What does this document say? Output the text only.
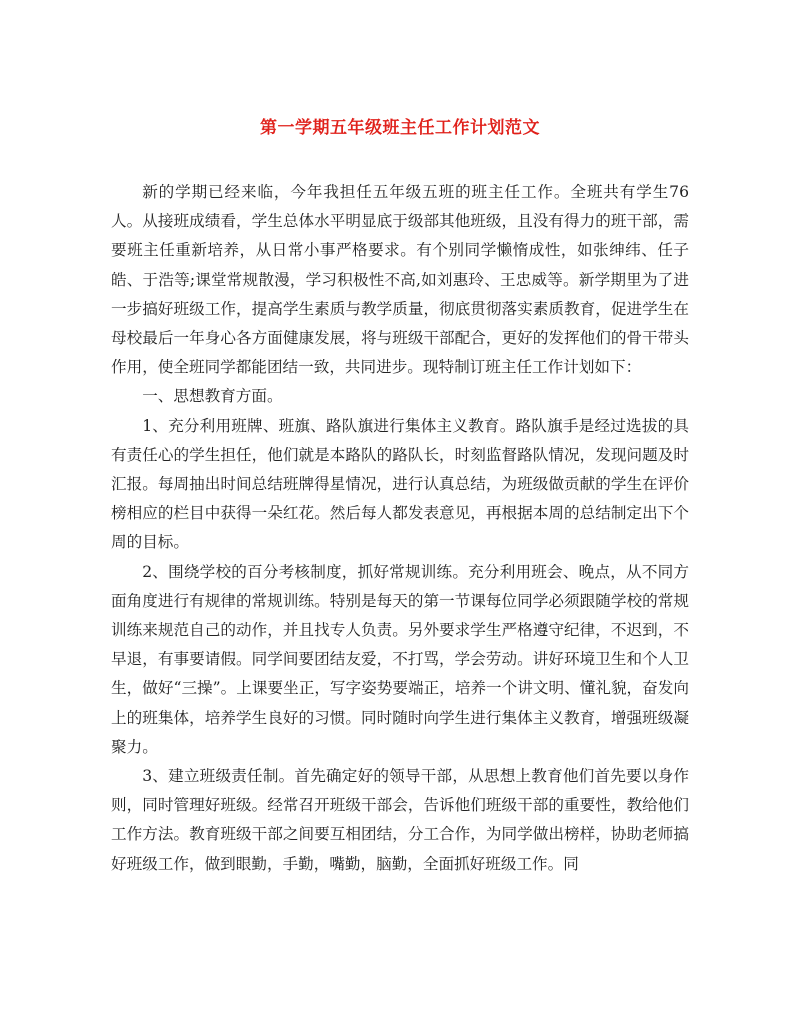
第一学期五年级班主任工作计划范文

新的学期已经来临，今年我担任五年级五班的班主任工作。全班共有学生76人。从接班成绩看，学生总体水平明显底于级部其他班级，且没有得力的班干部，需要班主任重新培养，从日常小事严格要求。有个别同学懒惰成性，如张绅纬、任子皓、于浩等;课堂常规散漫，学习积极性不高,如刘惠玲、王忠威等。新学期里为了进一步搞好班级工作，提高学生素质与教学质量，彻底贯彻落实素质教育，促进学生在母校最后一年身心各方面健康发展，将与班级干部配合，更好的发挥他们的骨干带头作用，使全班同学都能团结一致，共同进步。现特制订班主任工作计划如下：

一、思想教育方面。

1、充分利用班牌、班旗、路队旗进行集体主义教育。路队旗手是经过选拔的具有责任心的学生担任，他们就是本路队的路队长，时刻监督路队情况，发现问题及时汇报。每周抽出时间总结班牌得星情况，进行认真总结，为班级做贡献的学生在评价榜相应的栏目中获得一朵红花。然后每人都发表意见，再根据本周的总结制定出下个周的目标。

2、围绕学校的百分考核制度，抓好常规训练。充分利用班会、晚点，从不同方面角度进行有规律的常规训练。特别是每天的第一节课每位同学必须跟随学校的常规训练来规范自己的动作，并且找专人负责。另外要求学生严格遵守纪律，不迟到，不早退，有事要请假。同学间要团结友爱，不打骂，学会劳动。讲好环境卫生和个人卫生，做好“三操”。上课要坐正，写字姿势要端正，培养一个讲文明、懂礼貌，奋发向上的班集体，培养学生良好的习惯。同时随时向学生进行集体主义教育，增强班级凝聚力。

3、建立班级责任制。首先确定好的领导干部，从思想上教育他们首先要以身作则，同时管理好班级。经常召开班级干部会，告诉他们班级干部的重要性，教给他们工作方法。教育班级干部之间要互相团结，分工合作，为同学做出榜样，协助老师搞好班级工作，做到眼勤，手勤，嘴勤，脑勤，全面抓好班级工作。同
